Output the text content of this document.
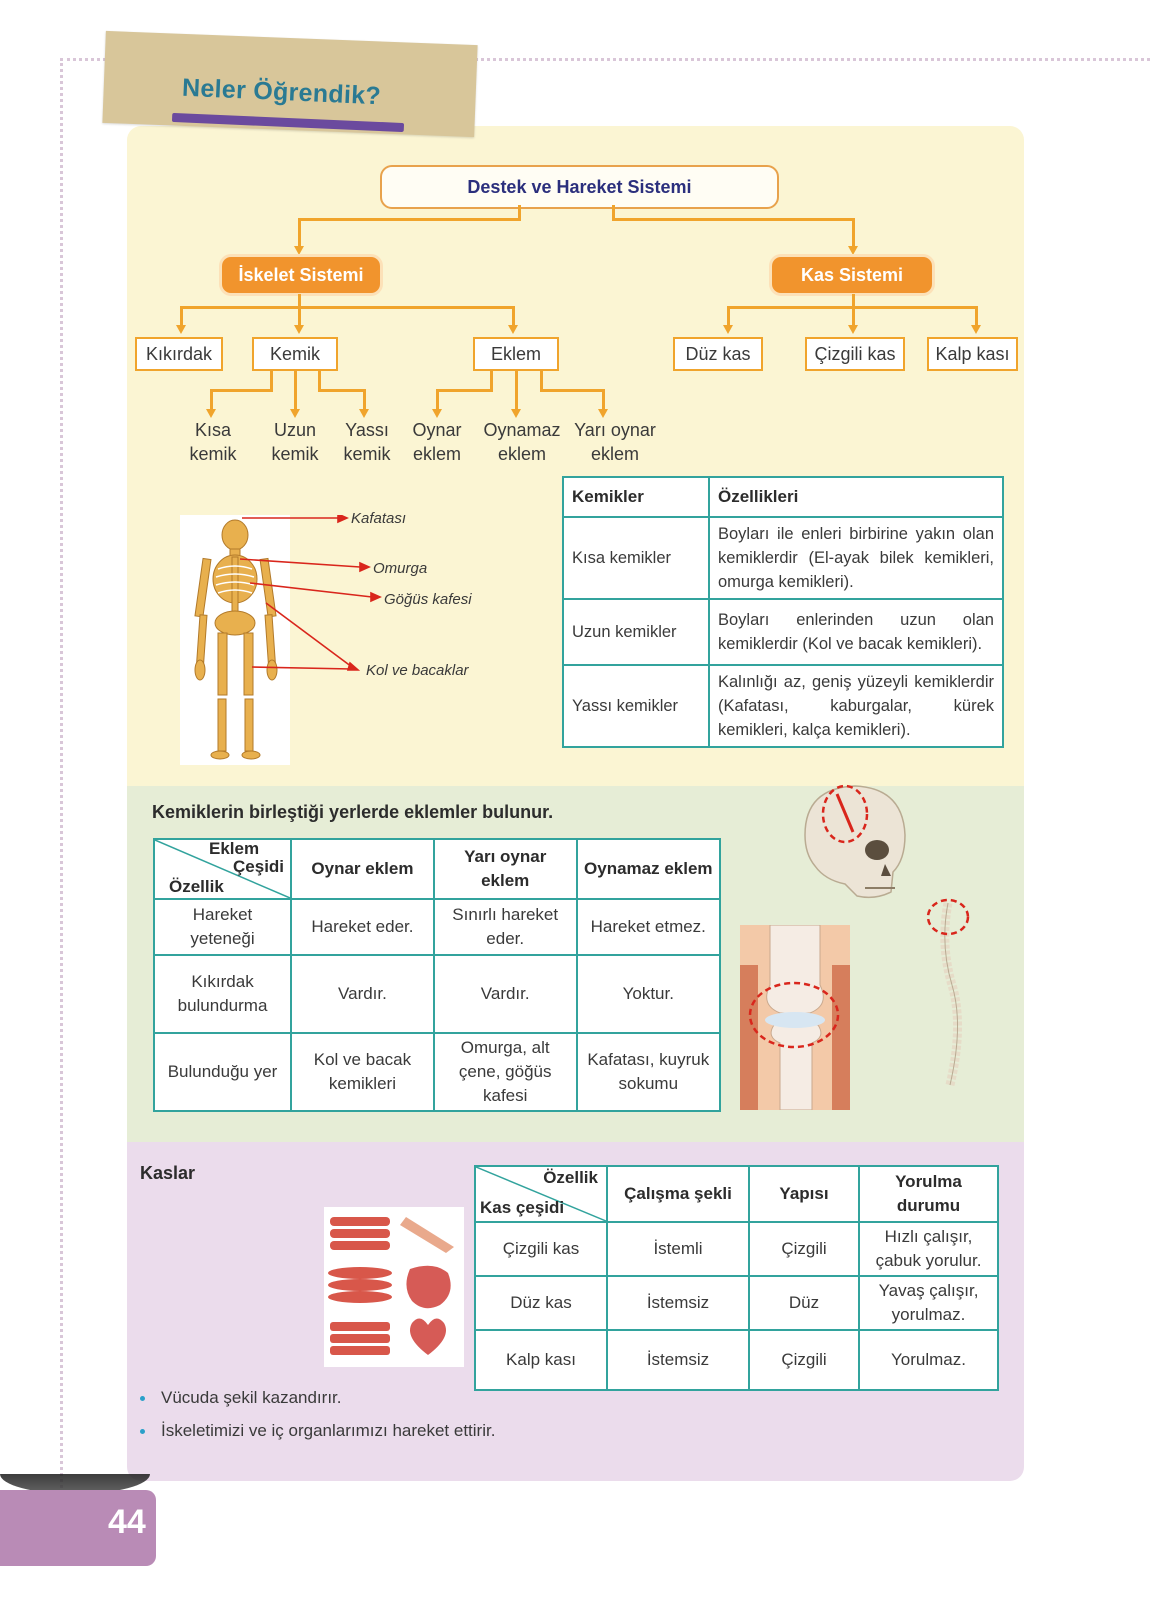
Neler Öğrendik?
Destek ve Hareket Sistemi
İskelet Sistemi	Kas Sistemi
Kıkırdak	Kemik	Eklem	Düz kas	Çizgili kas Kalp kası
Kısa
kemik
Uzun
kemik
Yassı
kemik
Oynar
eklem
Oynamaz
eklem
Yarı oynar
eklem
Kafatası
Omurga
Göğüs kafesi
Kol ve bacaklar
Kemikler	Özellikleri
Kısa kemikler	Boyları ile enleri birbirine yakın olan kemiklerdir (El-ayak bilek kemikleri, omurga kemikleri).
Uzun kemikler	Boyları enlerinden uzun olan kemiklerdir (Kol ve bacak kemikleri).
Yassı kemikler	Kalınlığı az, geniş yüzeyli kemiklerdir (Kafatası, kaburgalar, kürek kemikleri, kalça kemikleri).
Kemiklerin birleştiği yerlerde eklemler bulunur.
Eklem
Çeşidi
Özellik	Oynar eklem	Yarı oynar eklem	Oynamaz eklem
Hareket yeteneği	Hareket eder.	Sınırlı hareket eder.	Hareket etmez.
Kıkırdak bulundurma	Vardır.	Vardır.	Yoktur.
Bulunduğu yer	Kol ve bacak kemikleri	Omurga, alt çene, göğüs kafesi	Kafatası, kuyruk sokumu
Kaslar	Özellik
Kas çeşidi	Çalışma şekli	Yapısı	Yorulma durumu
Çizgili kas	İstemli	Çizgili	Hızlı çalışır, çabuk yorulur.
Düz kas	İstemsiz	Düz	Yavaş çalışır, yorulmaz.
Kalp kası	İstemsiz	Çizgili	Yorulmaz.
Vücuda şekil kazandırır.
İskeletimizi ve iç organlarımızı hareket ettirir.
44
